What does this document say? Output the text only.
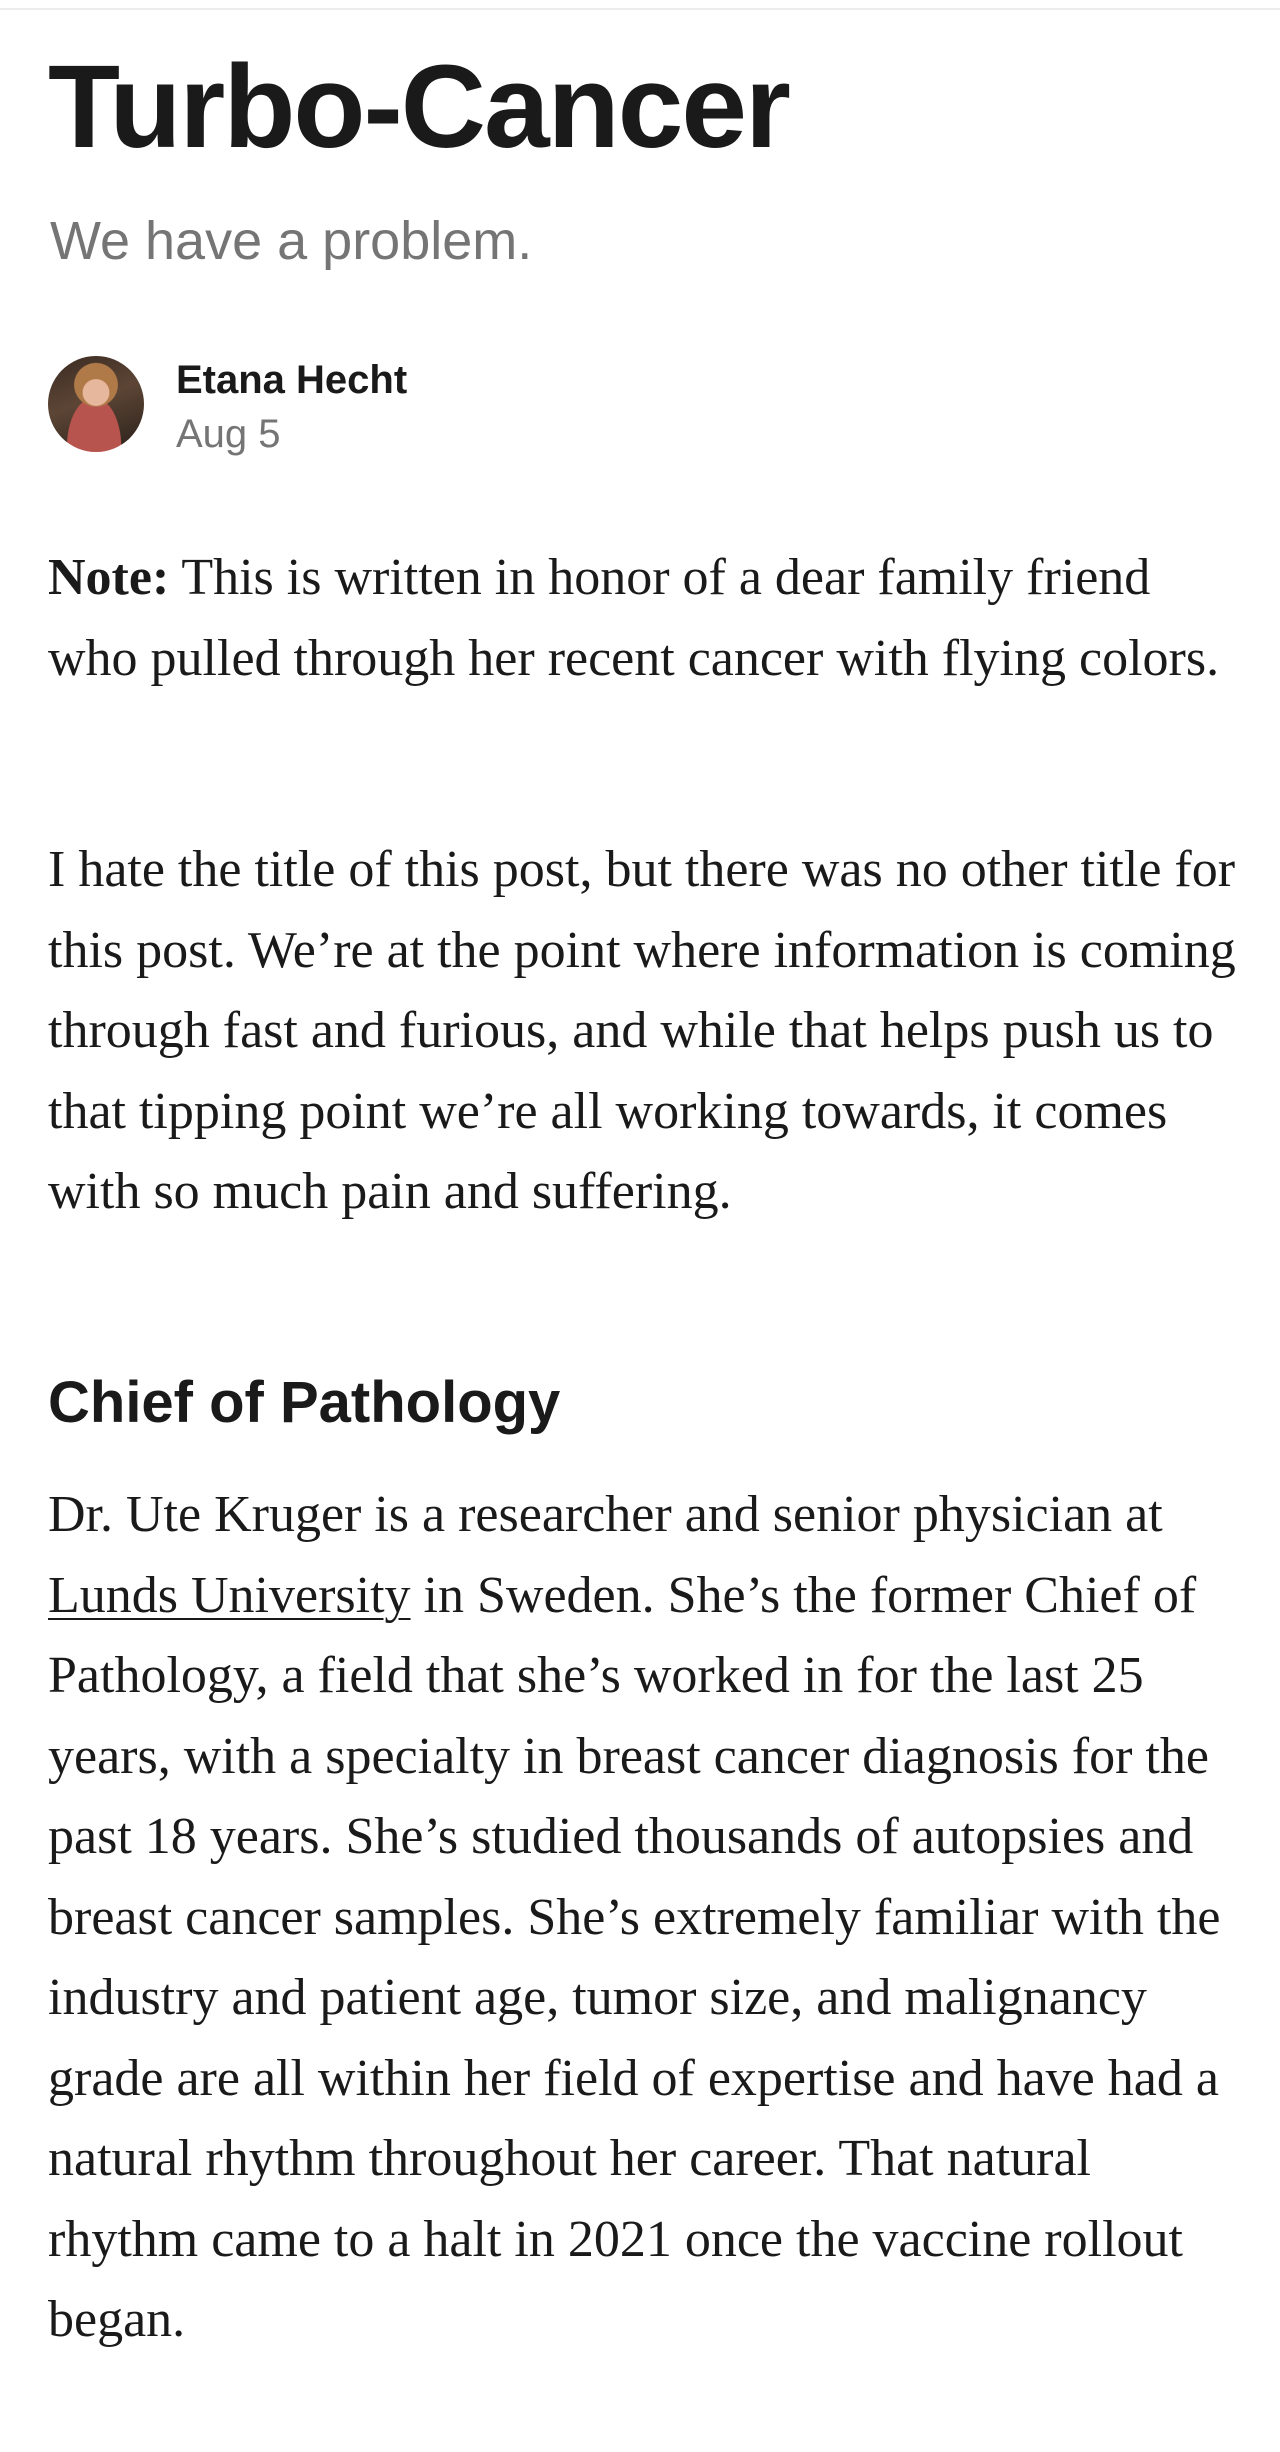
Turbo-Cancer
We have a problem.
Etana Hecht
Aug 5

Note: This is written in honor of a dear family friend who pulled through her recent cancer with flying colors.

I hate the title of this post, but there was no other title for this post. We’re at the point where information is coming through fast and furious, and while that helps push us to that tipping point we’re all working towards, it comes with so much pain and suffering.

Chief of Pathology

Dr. Ute Kruger is a researcher and senior physician at Lunds University in Sweden. She’s the former Chief of Pathology, a field that she’s worked in for the last 25 years, with a specialty in breast cancer diagnosis for the past 18 years. She’s studied thousands of autopsies and breast cancer samples. She’s extremely familiar with the industry and patient age, tumor size, and malignancy grade are all within her field of expertise and have had a natural rhythm throughout her career. That natural rhythm came to a halt in 2021 once the vaccine rollout began.
